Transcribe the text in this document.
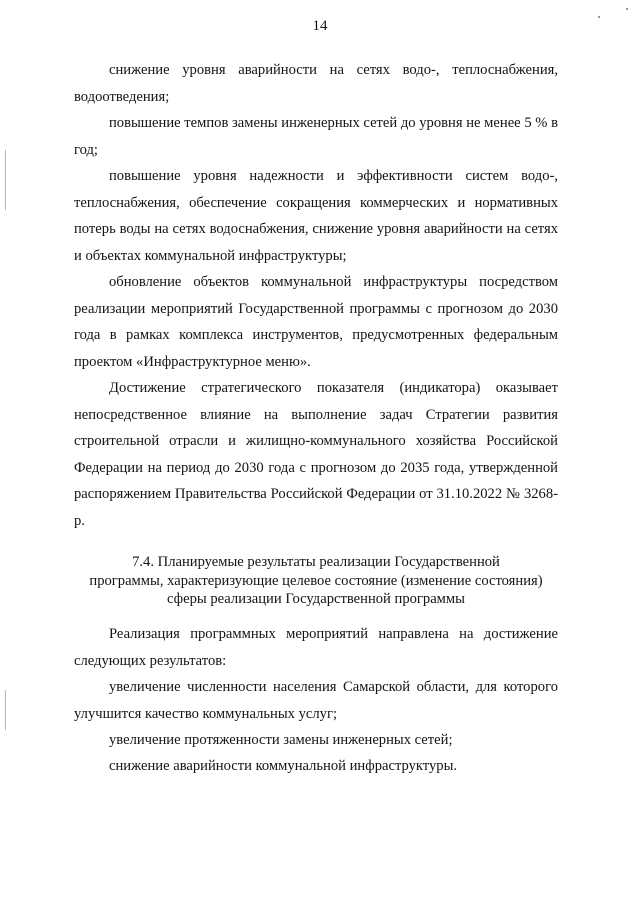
14

снижение уровня аварийности на сетях водо-, теплоснабжения, водоотведения;

повышение темпов замены инженерных сетей до уровня не менее 5 % в год;

повышение уровня надежности и эффективности систем водо-, теплоснабжения, обеспечение сокращения коммерческих и нормативных потерь воды на сетях водоснабжения, снижение уровня аварийности на сетях и объектах коммунальной инфраструктуры;

обновление объектов коммунальной инфраструктуры посредством реализации мероприятий Государственной программы с прогнозом до 2030 года в рамках комплекса инструментов, предусмотренных федеральным проектом «Инфраструктурное меню».

Достижение стратегического показателя (индикатора) оказывает непосредственное влияние на выполнение задач Стратегии развития строительной отрасли и жилищно-коммунального хозяйства Российской Федерации на период до 2030 года с прогнозом до 2035 года, утвержденной распоряжением Правительства Российской Федерации от 31.10.2022 № 3268-р.

7.4. Планируемые результаты реализации Государственной
программы, характеризующие целевое состояние (изменение состояния)
сферы реализации Государственной программы

Реализация программных мероприятий направлена на достижение следующих результатов:

увеличение численности населения Самарской области, для которого улучшится качество коммунальных услуг;

увеличение протяженности замены инженерных сетей;

снижение аварийности коммунальной инфраструктуры.
